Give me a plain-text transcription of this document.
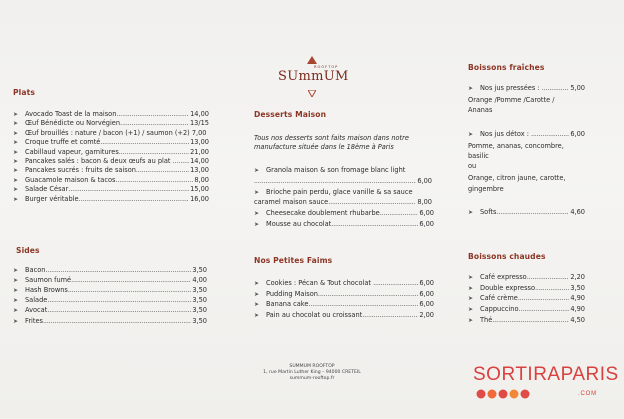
ROOFTOP
SUmmUM
Plats
➤	Avocado Toast de la maison .....	14,00
➤	Œuf Bénédicte ou Norvégien .....	13/15
➤	Œuf brouillés : nature / bacon (+1) / saumon (+2) 7,00
➤	Croque truffe et comté .....	13,00
➤	Cabillaud vapeur, garnitures .....	21,00
➤	Pancakes salés : bacon & deux œufs au plat .....	14,00
➤	Pancakes sucrés : fruits de saison .....	13,00
➤	Guacamole maison & tacos .....	8,00
➤	Salade César .....	15,00
➤	Burger véritable .....	16,00
Sides
➤	Bacon .....	3,50
➤	Saumon fumé .....	4,00
➤	Hash Browns .....	3,50
➤	Salade .....	3,50
➤	Avocat .....	3,50
➤	Frites .....	3,50
Desserts Maison
Tous nos desserts sont faits maison dans notre
manufacture située dans le 18ème à Paris
➤	Granola maison & son fromage blanc light
.....
6,00
➤	Brioche pain perdu, glace vanille & sa sauce
caramel maison sauce .....	8,00
➤	Cheesecake doublement rhubarbe .....	6,00
➤	Mousse au chocolat .....	6,00
Nos Petites Faims
➤	Cookies : Pécan & Tout chocolat .....	6,00
➤	Pudding Maison .....	6,00
➤	Banana cake .....	6,00
➤	Pain au chocolat ou croissant .....	2,00
Boissons fraîches
➤	Nos jus pressées : .....	5,00
Orange /Pomme /Carotte /
Ananas
➤	Nos jus détox : .....	6,00
Pomme, ananas, concombre,
basilic
ou
Orange, citron jaune, carotte,
gingembre
➤	Softs .....	4,60
Boissons chaudes
➤	Café expresso .....	2,20
➤	Double expresso .....	3,50
➤	Café crème .....	4,90
➤	Cappuccino .....	4,90
➤	Thé .....	4,50
SUMMUM ROOFTOP
1, rue Martin Luther King – 94000 CRETEIL
summum-rooftop.fr	SORTIRAPARIS
.COM
